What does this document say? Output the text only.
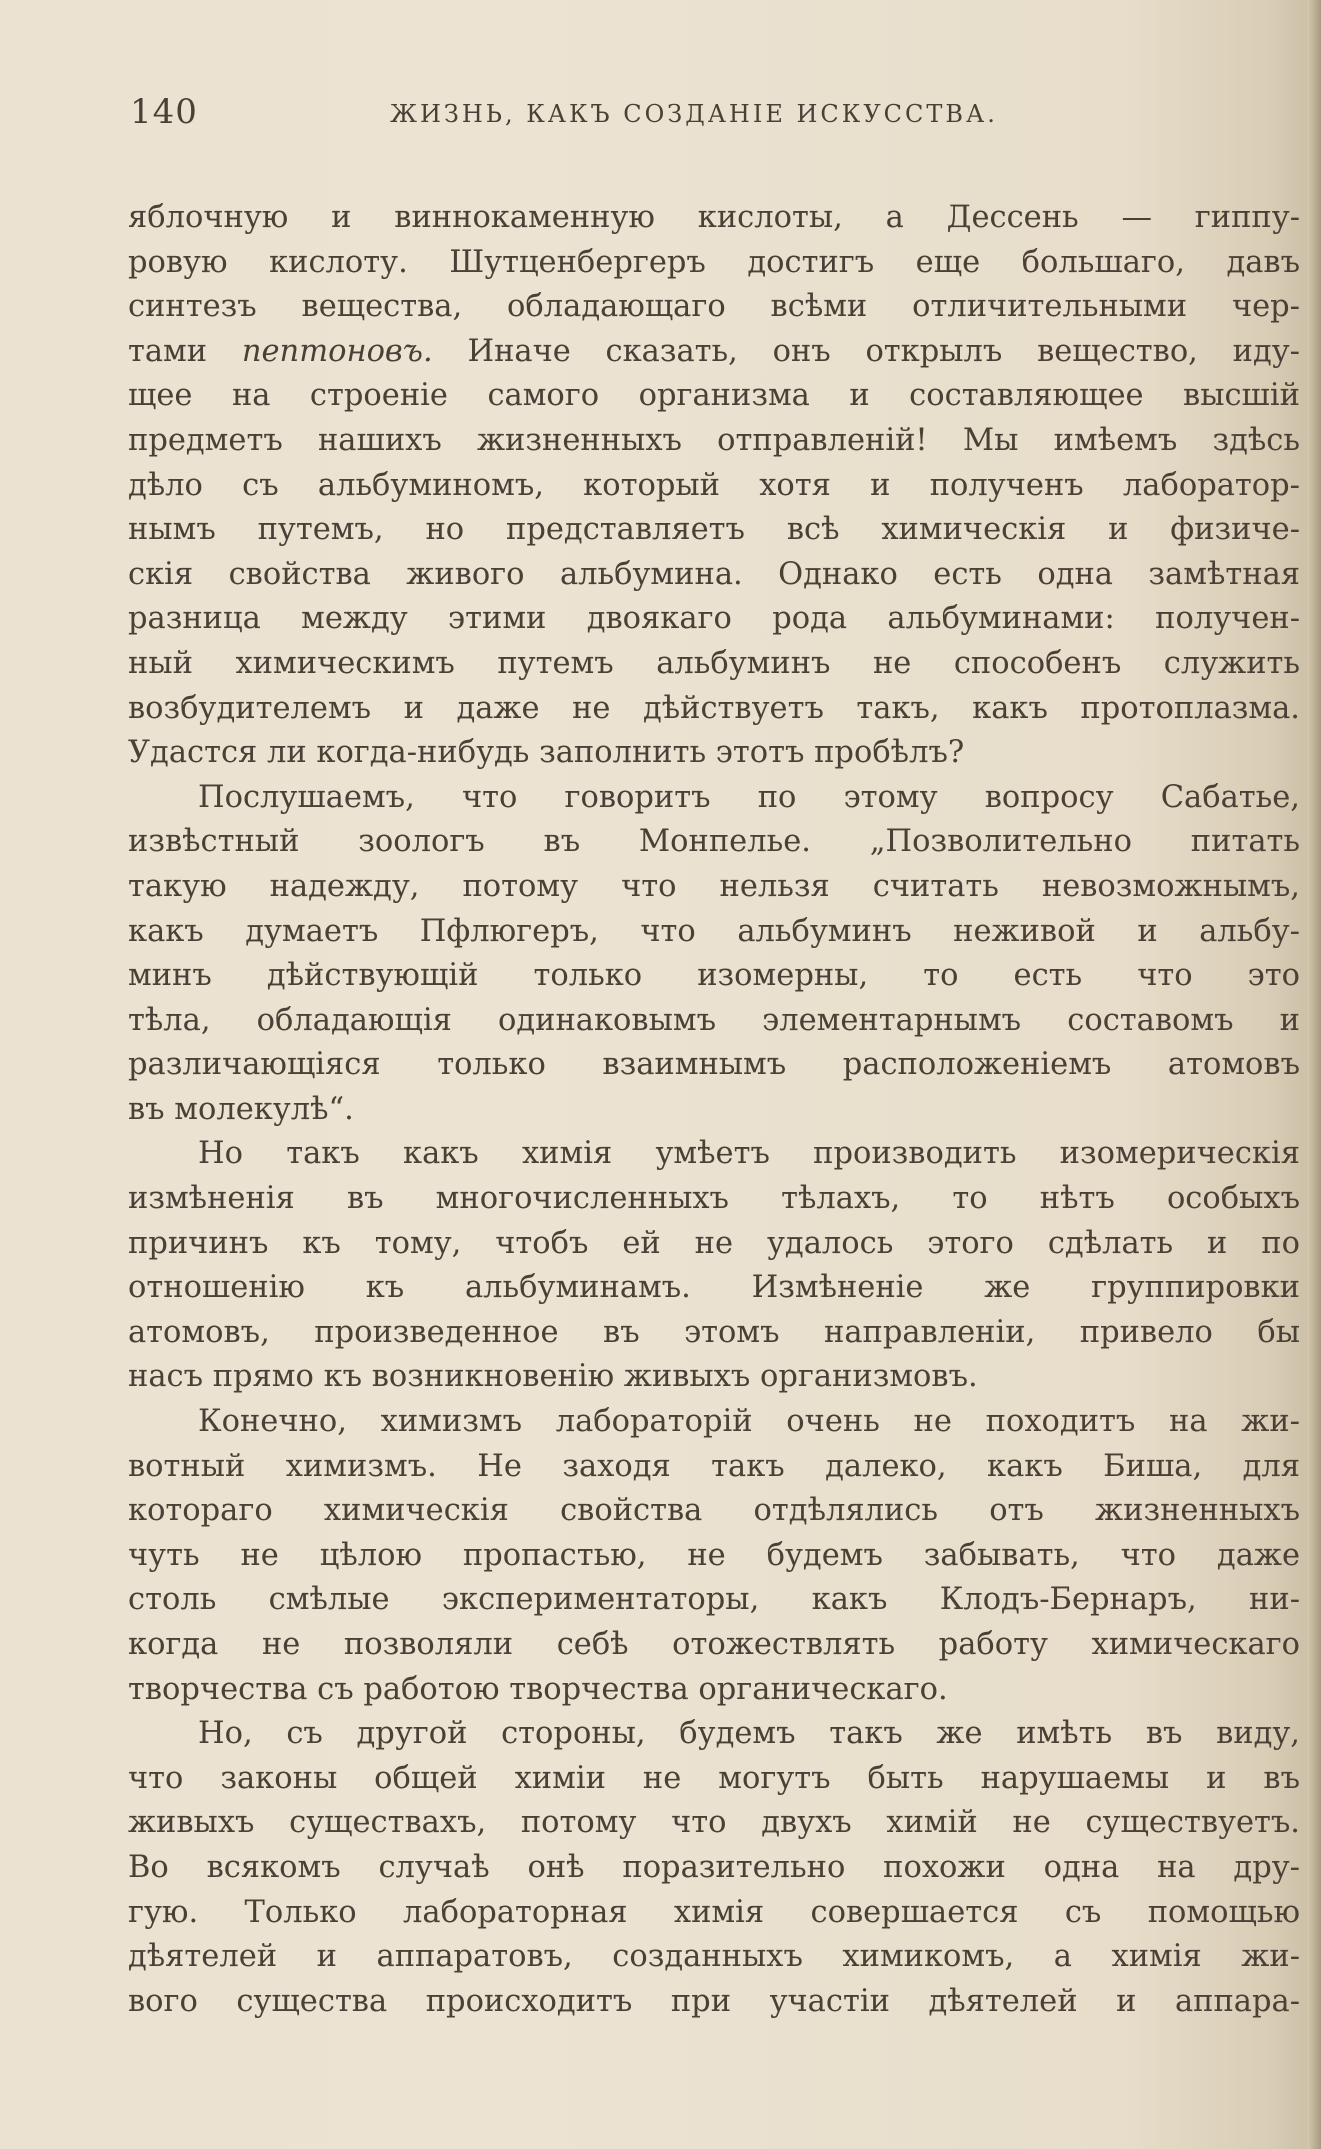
140	ЖИЗНЬ, КАКЪ СОЗДАНІЕ ИСКУССТВА.
яблочную и виннокаменную кислоты, а Дессень — гиппу-
ровую кислоту. Шутценбергеръ достигъ еще большаго, давъ
синтезъ вещества, обладающаго всѣми отличительными чер-
тами пептоновъ. Иначе сказать, онъ открылъ вещество, иду-
щее на строеніе самого организма и составляющее высшій
предметъ нашихъ жизненныхъ отправленій! Мы имѣемъ здѣсь
дѣло съ альбуминомъ, который хотя и полученъ лаборатор-
нымъ путемъ, но представляетъ всѣ химическія и физиче-
скія свойства живого альбумина. Однако есть одна замѣтная
разница между этими двоякаго рода альбуминами: получен-
ный химическимъ путемъ альбуминъ не способенъ служить
возбудителемъ и даже не дѣйствуетъ такъ, какъ протоплазма.
Удастся ли когда-нибудь заполнить этотъ пробѣлъ?
Послушаемъ, что говоритъ по этому вопросу Сабатье,
извѣстный зоологъ въ Монпелье. „Позволительно питать
такую надежду, потому что нельзя считать невозможнымъ,
какъ думаетъ Пфлюгеръ, что альбуминъ неживой и альбу-
минъ дѣйствующій только изомерны, то есть что это
тѣла, обладающія одинаковымъ элементарнымъ составомъ и
различающіяся только взаимнымъ расположеніемъ атомовъ
въ молекулѣ“.
Но такъ какъ химія умѣетъ производить изомерическія
измѣненія въ многочисленныхъ тѣлахъ, то нѣтъ особыхъ
причинъ къ тому, чтобъ ей не удалось этого сдѣлать и по
отношенію къ альбуминамъ. Измѣненіе же группировки
атомовъ, произведенное въ этомъ направленіи, привело бы
насъ прямо къ возникновенію живыхъ организмовъ.
Конечно, химизмъ лабораторій очень не походитъ на жи-
вотный химизмъ. Не заходя такъ далеко, какъ Биша, для
котораго химическія свойства отдѣлялись отъ жизненныхъ
чуть не цѣлою пропастью, не будемъ забывать, что даже
столь смѣлые экспериментаторы, какъ Клодъ-Бернаръ, ни-
когда не позволяли себѣ отожествлять работу химическаго
творчества съ работою творчества органическаго.
Но, съ другой стороны, будемъ такъ же имѣть въ виду,
что законы общей химіи не могутъ быть нарушаемы и въ
живыхъ существахъ, потому что двухъ химій не существуетъ.
Во всякомъ случаѣ онѣ поразительно похожи одна на дру-
гую. Только лабораторная химія совершается съ помощью
дѣятелей и аппаратовъ, созданныхъ химикомъ, а химія жи-
вого существа происходитъ при участіи дѣятелей и аппара-
